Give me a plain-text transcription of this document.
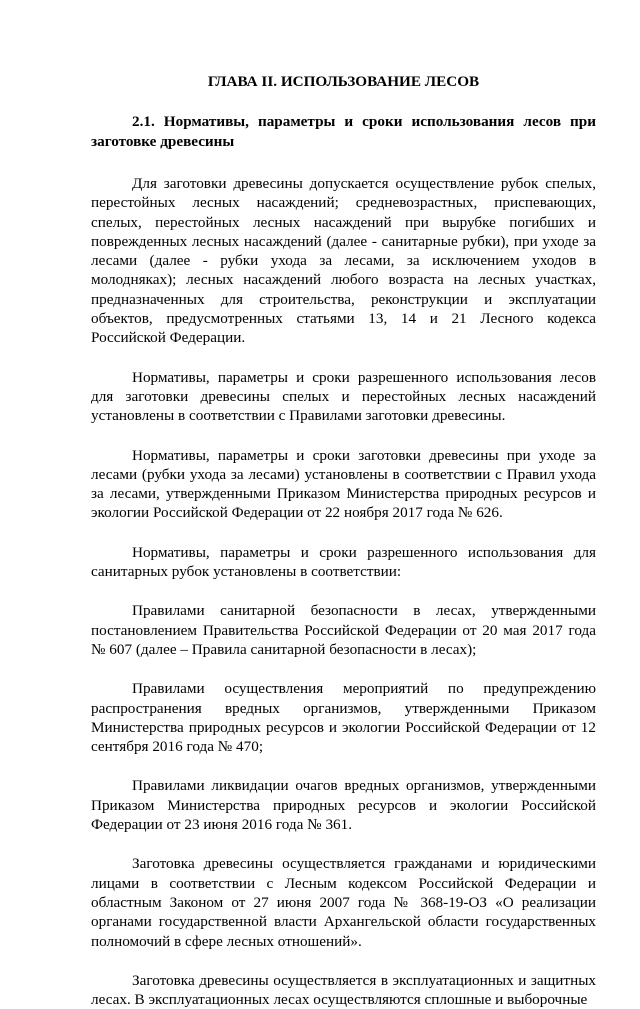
ГЛАВА II. ИСПОЛЬЗОВАНИЕ ЛЕСОВ
2.1. Нормативы, параметры и сроки использования лесов при заготовке древесины

Для заготовки древесины допускается осуществление рубок спелых, перестойных лесных насаждений; средневозрастных, приспевающих, спелых, перестойных лесных насаждений при вырубке погибших и поврежденных лесных насаждений (далее - санитарные рубки), при уходе за лесами (далее - рубки ухода за лесами, за исключением уходов в молодняках); лесных насаждений любого возраста на лесных участках, предназначенных для строительства, реконструкции и эксплуатации объектов, предусмотренных статьями 13, 14 и 21 Лесного кодекса Российской Федерации.

Нормативы, параметры и сроки разрешенного использования лесов для заготовки древесины спелых и перестойных лесных насаждений установлены в соответствии с Правилами заготовки древесины.

Нормативы, параметры и сроки заготовки древесины при уходе за лесами (рубки ухода за лесами) установлены в соответствии с Правил ухода за лесами, утвержденными Приказом Министерства природных ресурсов и экологии Российской Федерации от 22 ноября 2017 года № 626.

Нормативы, параметры и сроки разрешенного использования для санитарных рубок установлены в соответствии:

Правилами санитарной безопасности в лесах, утвержденными постановлением Правительства Российской Федерации от 20 мая 2017 года № 607 (далее – Правила санитарной безопасности в лесах);

Правилами осуществления мероприятий по предупреждению распространения вредных организмов, утвержденными Приказом Министерства природных ресурсов и экологии Российской Федерации от 12 сентября 2016 года № 470;

Правилами ликвидации очагов вредных организмов, утвержденными Приказом Министерства природных ресурсов и экологии Российской Федерации от 23 июня 2016 года № 361.

Заготовка древесины осуществляется гражданами и юридическими лицами в соответствии с Лесным кодексом Российской Федерации и областным Законом от 27 июня 2007 года № 368-19-ОЗ «О реализации органами государственной власти Архангельской области государственных полномочий в сфере лесных отношений».

Заготовка древесины осуществляется в эксплуатационных и защитных лесах. В эксплуатационных лесах осуществляются сплошные и выборочные
